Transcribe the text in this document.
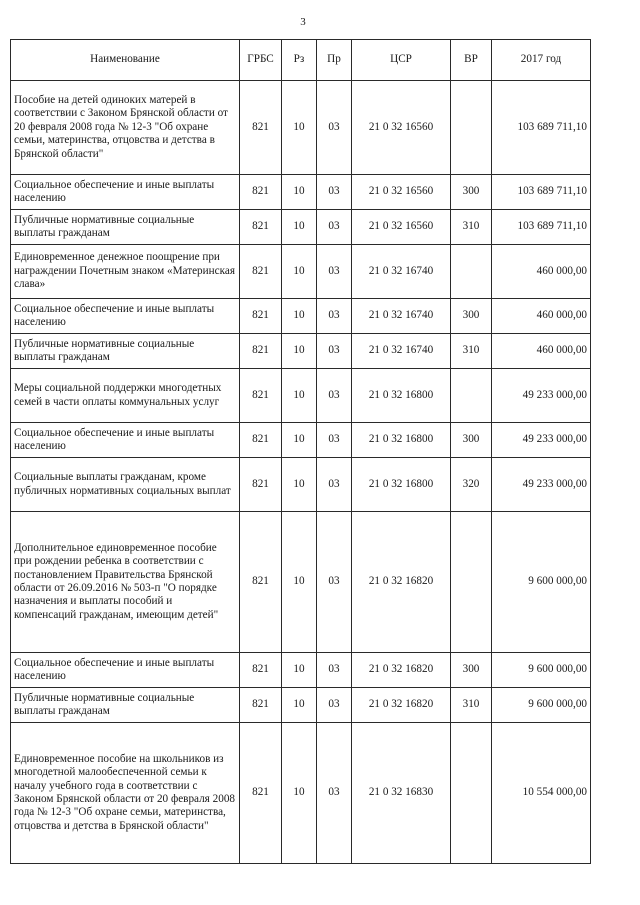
3
Наименование	ГРБС	Рз	Пр	ЦСР	ВР	2017 год
Пособие на детей одиноких матерей в соответствии с Законом Брянской области от 20 февраля 2008 года № 12-3 "Об охране семьи, материнства, отцовства и детства в Брянской области"	821	10	03	21 0 32 16560		103 689 711,10
Социальное обеспечение и иные выплаты населению	821	10	03	21 0 32 16560	300	103 689 711,10
Публичные нормативные социальные выплаты гражданам	821	10	03	21 0 32 16560	310	103 689 711,10
Единовременное денежное поощрение при награждении Почетным знаком «Материнская слава»	821	10	03	21 0 32 16740		460 000,00
Социальное обеспечение и иные выплаты населению	821	10	03	21 0 32 16740	300	460 000,00
Публичные нормативные социальные выплаты гражданам	821	10	03	21 0 32 16740	310	460 000,00
Меры социальной поддержки многодетных семей в части оплаты коммунальных услуг	821	10	03	21 0 32 16800		49 233 000,00
Социальное обеспечение и иные выплаты населению	821	10	03	21 0 32 16800	300	49 233 000,00
Социальные выплаты гражданам, кроме публичных нормативных социальных выплат	821	10	03	21 0 32 16800	320	49 233 000,00
Дополнительное единовременное пособие при рождении ребенка в соответствии с постановлением Правительства Брянской области от 26.09.2016 № 503-п "О порядке назначения и выплаты пособий и компенсаций гражданам, имеющим детей"	821	10	03	21 0 32 16820		9 600 000,00
Социальное обеспечение и иные выплаты населению	821	10	03	21 0 32 16820	300	9 600 000,00
Публичные нормативные социальные выплаты гражданам	821	10	03	21 0 32 16820	310	9 600 000,00
Единовременное пособие на школьников из многодетной малообеспеченной семьи к началу учебного года в соответствии с Законом Брянской области от 20 февраля 2008 года № 12-3 "Об охране семьи, материнства, отцовства и детства в Брянской области"	821	10	03	21 0 32 16830		10 554 000,00
